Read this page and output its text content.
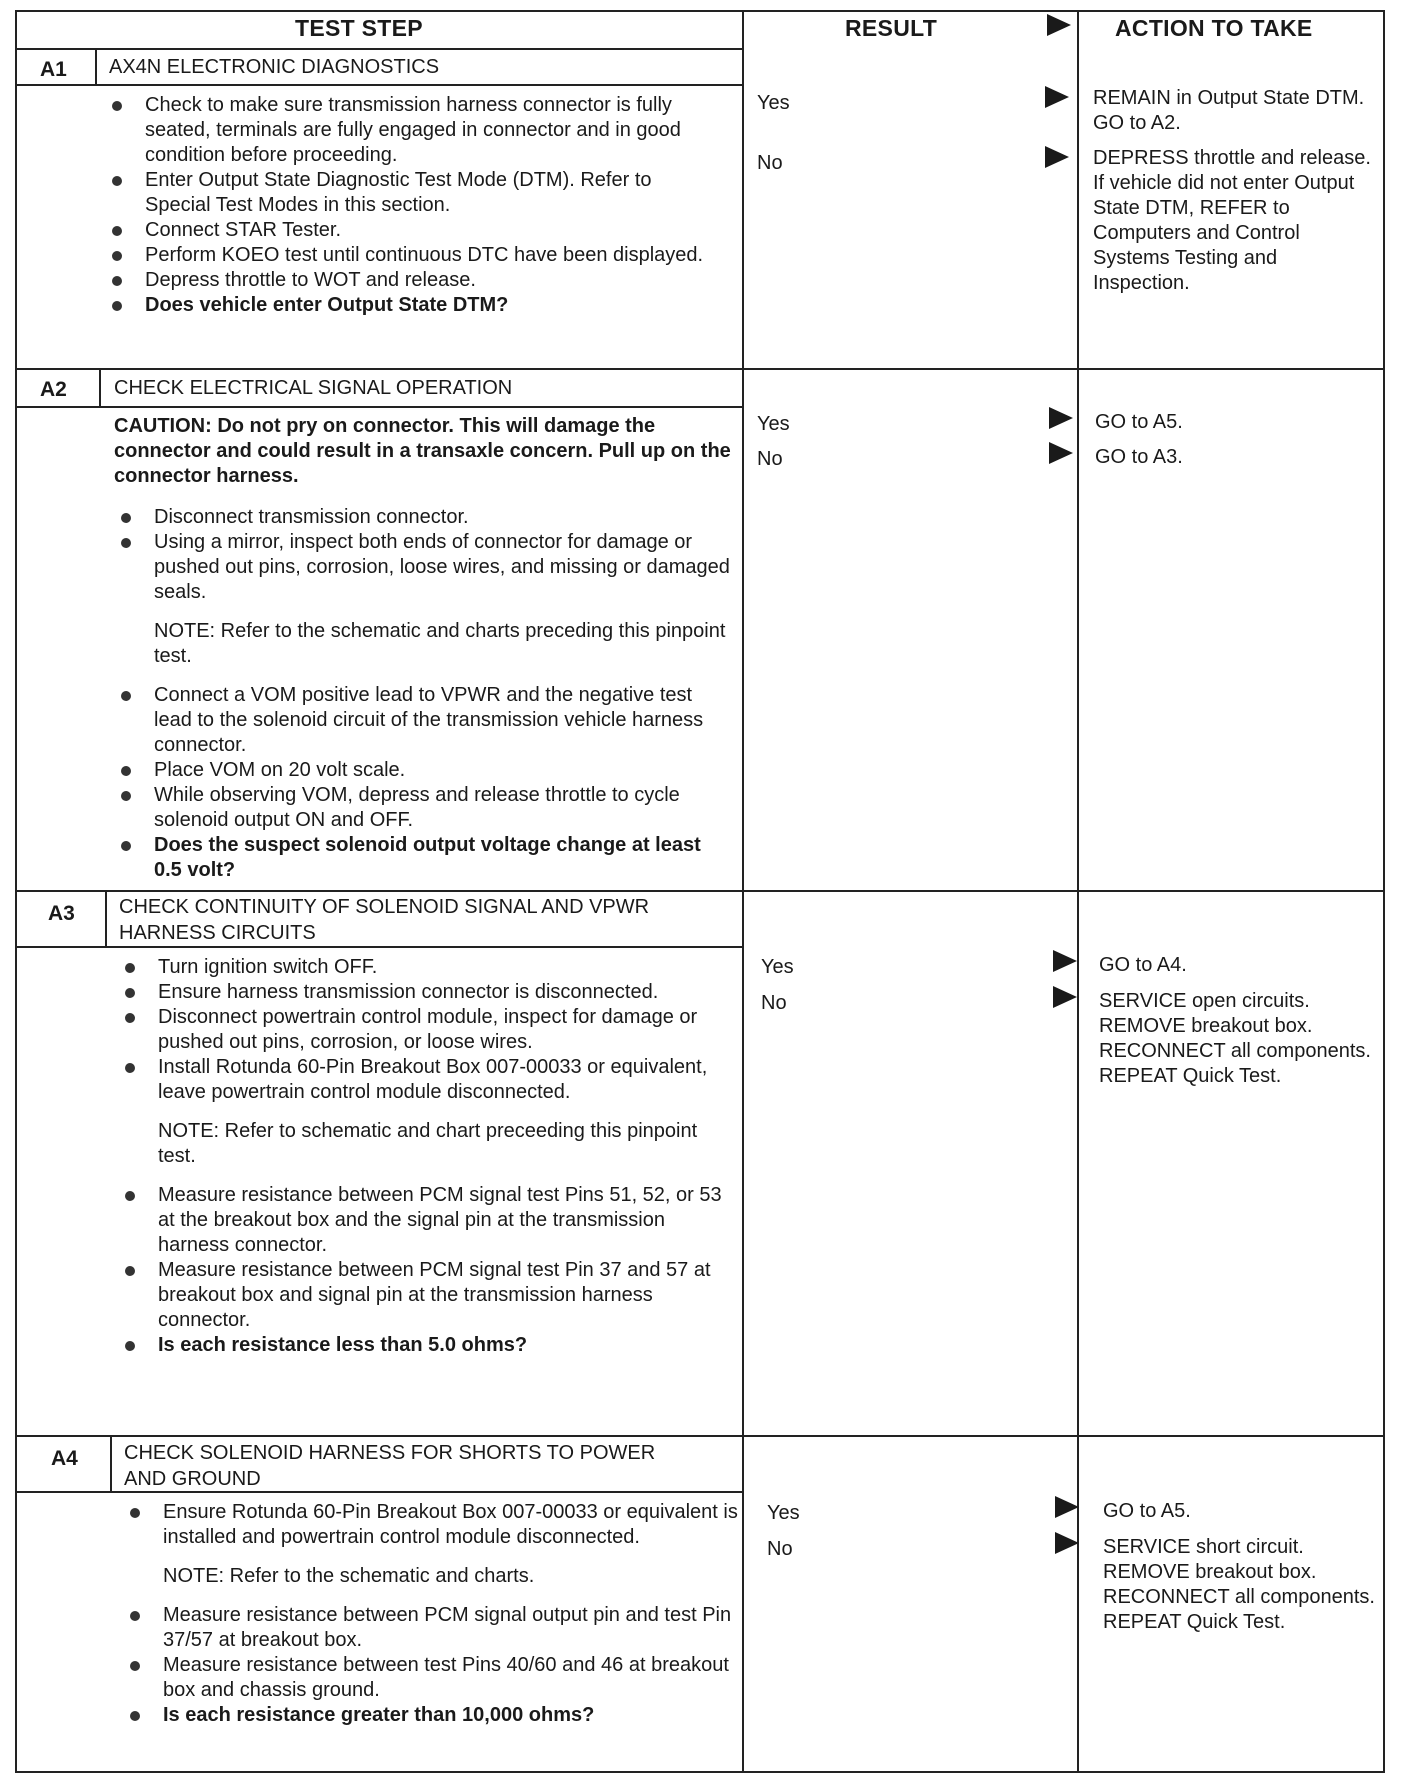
TEST STEP	RESULT	ACTION TO TAKE
A1 AX4N ELECTRONIC DIAGNOSTICS
Check to make sure transmission harness connector is fully seated, terminals are fully engaged in connector and in good condition before proceeding.
Enter Output State Diagnostic Test Mode (DTM). Refer to Special Test Modes in this section.
Connect STAR Tester.
Perform KOEO test until continuous DTC have been displayed.
Depress throttle to WOT and release.
Does vehicle enter Output State DTM?
Yes
No
REMAIN in Output State DTM. GO to A2.
DEPRESS throttle and release. If vehicle did not enter Output State DTM, REFER to Computers and Control Systems Testing and Inspection.
A2 CHECK ELECTRICAL SIGNAL OPERATION
CAUTION: Do not pry on connector. This will damage the connector and could result in a transaxle concern. Pull up on the connector harness.
Disconnect transmission connector.
Using a mirror, inspect both ends of connector for damage or pushed out pins, corrosion, loose wires, and missing or damaged seals.
NOTE: Refer to the schematic and charts preceding this pinpoint test.
Connect a VOM positive lead to VPWR and the negative test lead to the solenoid circuit of the transmission vehicle harness connector.
Place VOM on 20 volt scale.
While observing VOM, depress and release throttle to cycle solenoid output ON and OFF.
Does the suspect solenoid output voltage change at least 0.5 volt?
Yes
No
GO to A5.
GO to A3.
A3 CHECK CONTINUITY OF SOLENOID SIGNAL AND VPWR HARNESS CIRCUITS
Turn ignition switch OFF.
Ensure harness transmission connector is disconnected.
Disconnect powertrain control module, inspect for damage or pushed out pins, corrosion, or loose wires.
Install Rotunda 60-Pin Breakout Box 007-00033 or equivalent, leave powertrain control module disconnected.
NOTE: Refer to schematic and chart preceeding this pinpoint test.
Measure resistance between PCM signal test Pins 51, 52, or 53 at the breakout box and the signal pin at the transmission harness connector.
Measure resistance between PCM signal test Pin 37 and 57 at breakout box and signal pin at the transmission harness connector.
Is each resistance less than 5.0 ohms?
Yes
No
GO to A4.
SERVICE open circuits. REMOVE breakout box. RECONNECT all components. REPEAT Quick Test.
A4 CHECK SOLENOID HARNESS FOR SHORTS TO POWER AND GROUND
Ensure Rotunda 60-Pin Breakout Box 007-00033 or equivalent is installed and powertrain control module disconnected.
NOTE: Refer to the schematic and charts.
Measure resistance between PCM signal output pin and test Pin 37/57 at breakout box.
Measure resistance between test Pins 40/60 and 46 at breakout box and chassis ground.
Is each resistance greater than 10,000 ohms?
Yes
No
GO to A5.
SERVICE short circuit. REMOVE breakout box. RECONNECT all components. REPEAT Quick Test.
